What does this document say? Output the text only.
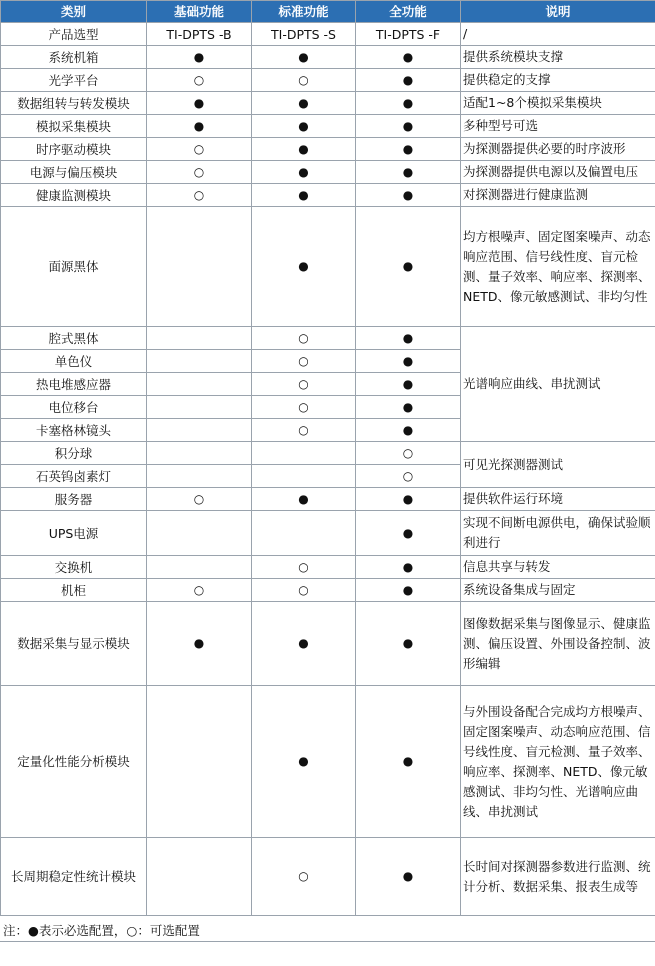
类别	基础功能	标准功能	全功能	说明
产品选型	TI-DPTS -B	TI-DPTS -S	TI-DPTS -F	/
系统机箱	●	●	●	提供系统模块支撑
光学平台	○	○	●	提供稳定的支撑
数据组转与转发模块	●	●	●	适配1~8个模拟采集模块
模拟采集模块	●	●	●	多种型号可选
时序驱动模块	○	●	●	为探测器提供必要的时序波形
电源与偏压模块	○	●	●	为探测器提供电源以及偏置电压
健康监测模块	○	●	●	对探测器进行健康监测
面源黑体		●	●	均方根噪声、固定图案噪声、动态响应范围、信号线性度、盲元检测、量子效率、响应率、探测率、NETD、像元敏感测试、非均匀性
腔式黑体		○	●	光谱响应曲线、串扰测试
单色仪		○	●	
热电堆感应器		○	●	
电位移台		○	●	
卡塞格林镜头		○	●	
积分球			○	可见光探测器测试
石英钨卤素灯			○	
服务器	○	●	●	提供软件运行环境
UPS电源			●	实现不间断电源供电，确保试验顺利进行
交换机		○	●	信息共享与转发
机柜	○	○	●	系统设备集成与固定
数据采集与显示模块	●	●	●	图像数据采集与图像显示、健康监测、偏压设置、外围设备控制、波形编辑
定量化性能分析模块		●	●	与外围设备配合完成均方根噪声、固定图案噪声、动态响应范围、信号线性度、盲元检测、量子效率、响应率、探测率、NETD、像元敏感测试、非均匀性、光谱响应曲线、串扰测试
长周期稳定性统计模块		○	●	长时间对探测器参数进行监测、统计分析、数据采集、报表生成等
注：●表示必选配置，○：可选配置
